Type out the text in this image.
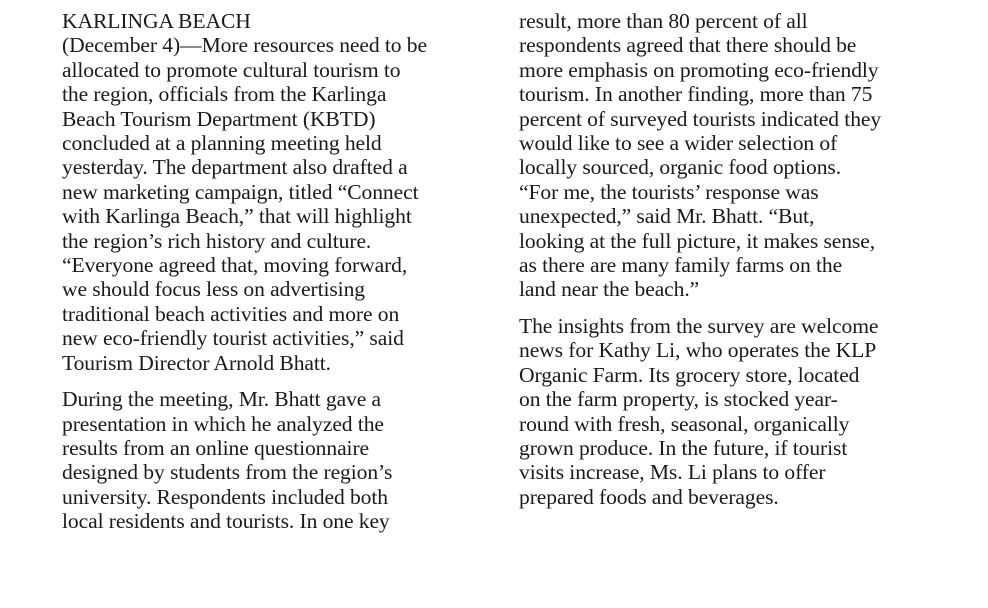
KARLINGA BEACH
(December 4)—More resources need to be
allocated to promote cultural tourism to
the region, officials from the Karlinga
Beach Tourism Department (KBTD)
concluded at a planning meeting held
yesterday. The department also drafted a
new marketing campaign, titled “Connect
with Karlinga Beach,” that will highlight
the region’s rich history and culture.
“Everyone agreed that, moving forward,
we should focus less on advertising
traditional beach activities and more on
new eco-friendly tourist activities,” said
Tourism Director Arnold Bhatt.
During the meeting, Mr. Bhatt gave a
presentation in which he analyzed the
results from an online questionnaire
designed by students from the region’s
university. Respondents included both
local residents and tourists. In one key
result, more than 80 percent of all
respondents agreed that there should be
more emphasis on promoting eco-friendly
tourism. In another finding, more than 75
percent of surveyed tourists indicated they
would like to see a wider selection of
locally sourced, organic food options.
“For me, the tourists’ response was
unexpected,” said Mr. Bhatt. “But,
looking at the full picture, it makes sense,
as there are many family farms on the
land near the beach.”
The insights from the survey are welcome
news for Kathy Li, who operates the KLP
Organic Farm. Its grocery store, located
on the farm property, is stocked year-
round with fresh, seasonal, organically
grown produce. In the future, if tourist
visits increase, Ms. Li plans to offer
prepared foods and beverages.
